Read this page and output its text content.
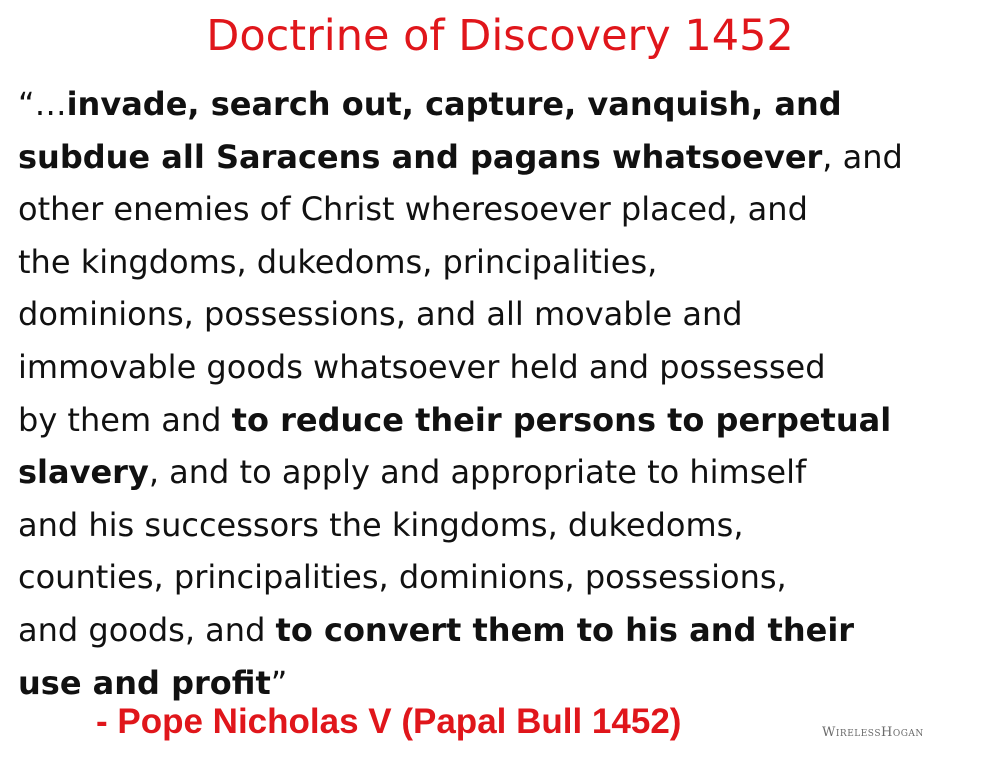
Doctrine of Discovery 1452
“…invade, search out, capture, vanquish, and
subdue all Saracens and pagans whatsoever, and
other enemies of Christ wheresoever placed, and
the kingdoms, dukedoms, principalities,
dominions, possessions, and all movable and
immovable goods whatsoever held and possessed
by them and to reduce their persons to perpetual
slavery, and to apply and appropriate to himself
and his successors the kingdoms, dukedoms,
counties, principalities, dominions, possessions,
and goods, and to convert them to his and their
use and profit”
- Pope Nicholas V (Papal Bull 1452)	WirelessHogan
